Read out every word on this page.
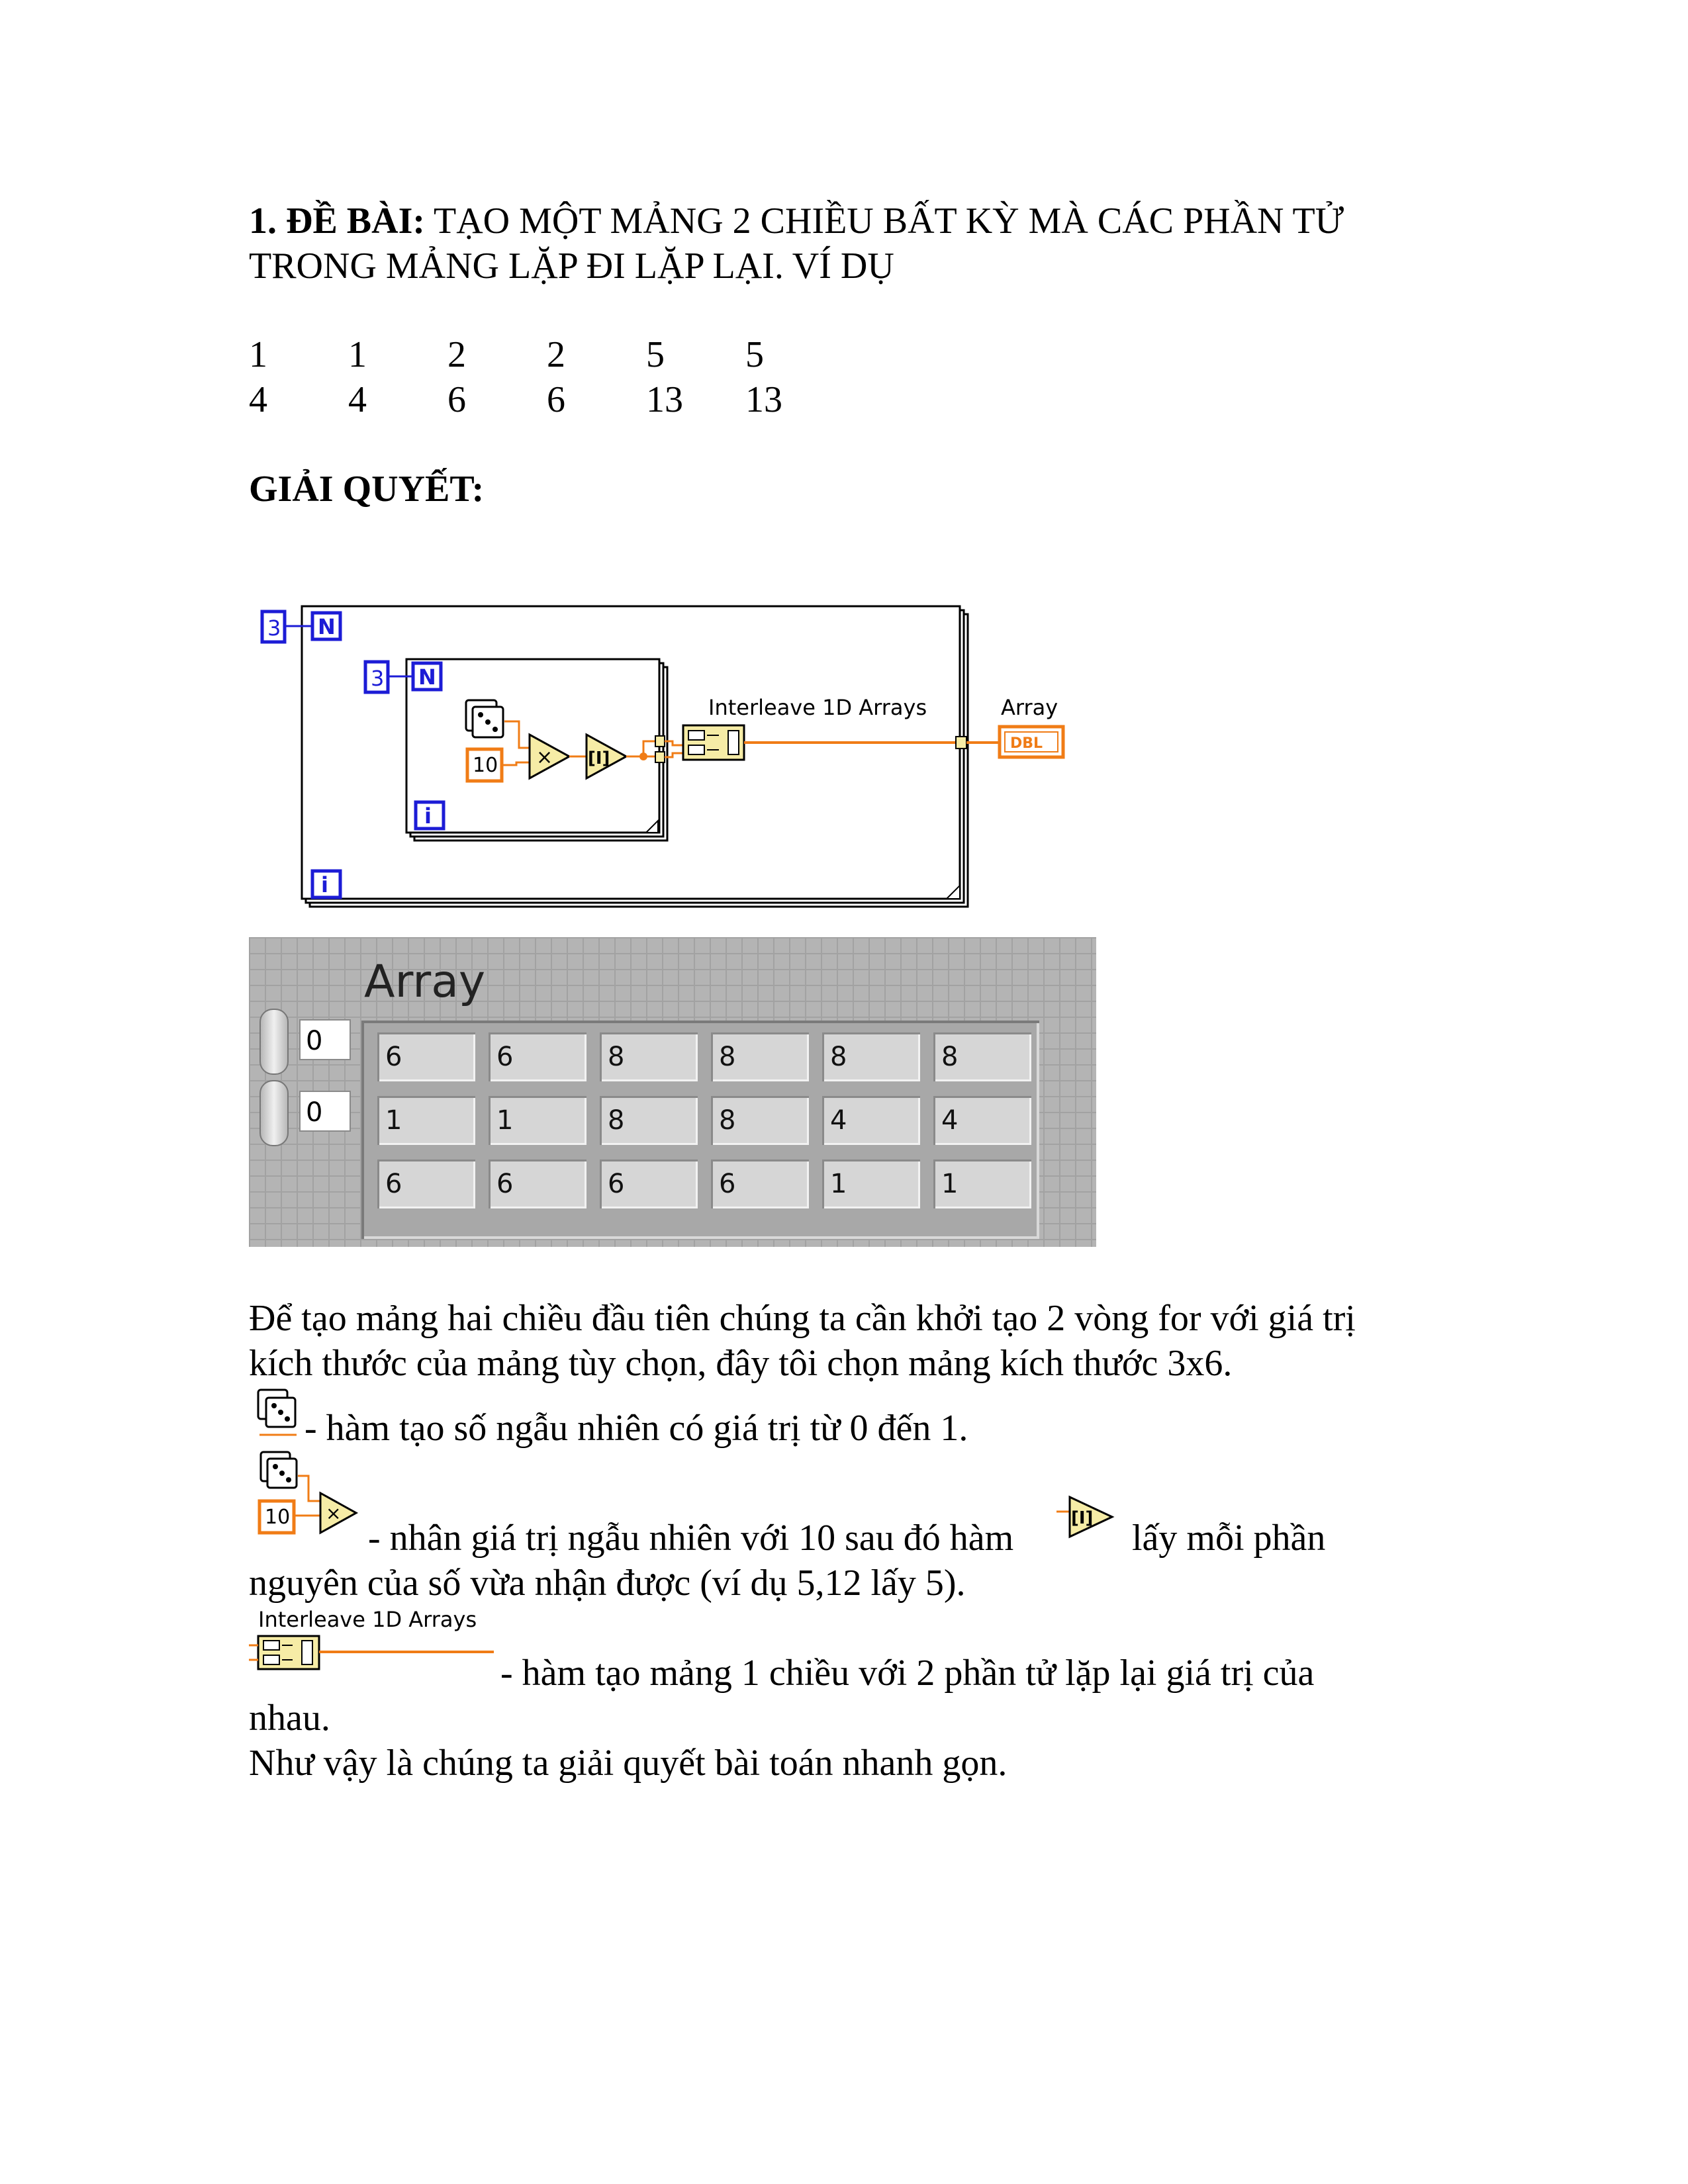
1. ĐỀ BÀI: TẠO MỘT MẢNG 2 CHIỀU BẤT KỲ MÀ CÁC PHẦN TỬ
TRONG MẢNG LẶP ĐI LẶP LẠI. VÍ DỤ
1 1 2 2 5 5
4 4 6 6 13 13
GIẢI QUYẾT:
3 N
i
3 N
i
10 × [I]
Interleave 1D Arrays	Array
DBL
Array
0
0
6	6	8	8	8	8
1	1	8	8	4	4
6	6	6	6	1	1
Để tạo mảng hai chiều đầu tiên chúng ta cần khởi tạo 2 vòng for với giá trị
kích thước của mảng tùy chọn, đây tôi chọn mảng kích thước 3x6.
- hàm tạo số ngẫu nhiên có giá trị từ 0 đến 1.
10 ×
- nhân giá trị ngẫu nhiên với 10 sau đó hàm	[I] lấy mỗi phần
nguyên của số vừa nhận được (ví dụ 5,12 lấy 5).
Interleave 1D Arrays
- hàm tạo mảng 1 chiều với 2 phần tử lặp lại giá trị của
nhau.
Như vậy là chúng ta giải quyết bài toán nhanh gọn.
